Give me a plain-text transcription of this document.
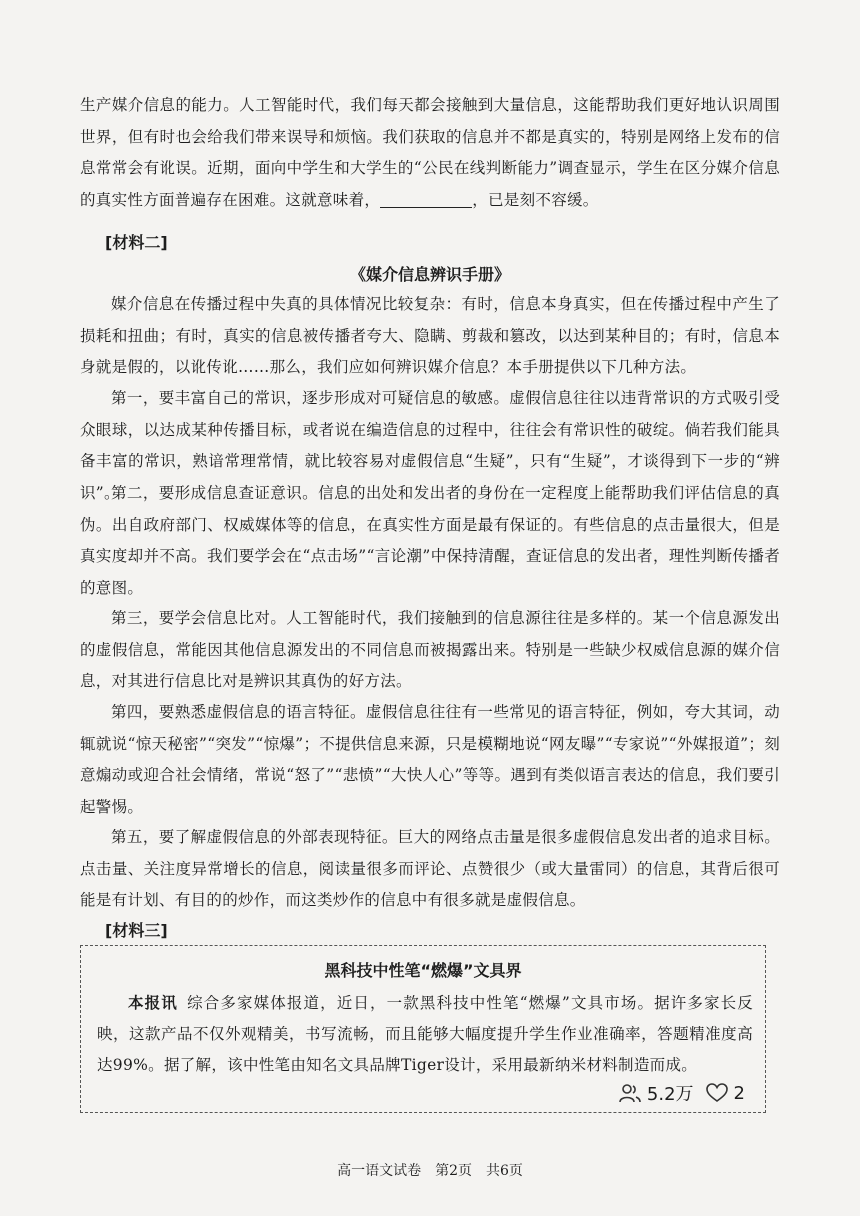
生产媒介信息的能力。人工智能时代，我们每天都会接触到大量信息，这能帮助我们更好地认识周围世界，但有时也会给我们带来误导和烦恼。我们获取的信息并不都是真实的，特别是网络上发布的信息常常会有讹误。近期，面向中学生和大学生的“公民在线判断能力”调查显示，学生在区分媒介信息的真实性方面普遍存在困难。这就意味着，	，已是刻不容缓。

[材料二]
《媒介信息辨识手册》

媒介信息在传播过程中失真的具体情况比较复杂：有时，信息本身真实，但在传播过程中产生了损耗和扭曲；有时，真实的信息被传播者夸大、隐瞒、剪裁和篡改，以达到某种目的；有时，信息本身就是假的，以讹传讹……那么，我们应如何辨识媒介信息？本手册提供以下几种方法。

第一，要丰富自己的常识，逐步形成对可疑信息的敏感。虚假信息往往以违背常识的方式吸引受众眼球，以达成某种传播目标，或者说在编造信息的过程中，往往会有常识性的破绽。倘若我们能具备丰富的常识，熟谙常理常情，就比较容易对虚假信息“生疑”，只有“生疑”，才谈得到下一步的“辨识”。

第二，要形成信息查证意识。信息的出处和发出者的身份在一定程度上能帮助我们评估信息的真伪。出自政府部门、权威媒体等的信息，在真实性方面是最有保证的。有些信息的点击量很大，但是真实度却并不高。我们要学会在“点击场”“言论潮”中保持清醒，查证信息的发出者，理性判断传播者的意图。

第三，要学会信息比对。人工智能时代，我们接触到的信息源往往是多样的。某一个信息源发出的虚假信息，常能因其他信息源发出的不同信息而被揭露出来。特别是一些缺少权威信息源的媒介信息，对其进行信息比对是辨识其真伪的好方法。

第四，要熟悉虚假信息的语言特征。虚假信息往往有一些常见的语言特征，例如，夸大其词，动辄就说“惊天秘密”“突发”“惊爆”；不提供信息来源，只是模糊地说“网友曝”“专家说”“外媒报道”；刻意煽动或迎合社会情绪，常说“怒了”“悲愤”“大快人心”等等。遇到有类似语言表达的信息，我们要引起警惕。

第五，要了解虚假信息的外部表现特征。巨大的网络点击量是很多虚假信息发出者的追求目标。点击量、关注度异常增长的信息，阅读量很多而评论、点赞很少（或大量雷同）的信息，其背后很可能是有计划、有目的的炒作，而这类炒作的信息中有很多就是虚假信息。

[材料三]
黑科技中性笔“燃爆”文具界

本报讯 综合多家媒体报道，近日，一款黑科技中性笔“燃爆”文具市场。据许多家长反映，这款产品不仅外观精美，书写流畅，而且能够大幅度提升学生作业准确率，答题精准度高达99%。据了解，该中性笔由知名文具品牌Tiger设计，采用最新纳米材料制造而成。

5.2万 2
高一语文试卷　第2页　共6页
